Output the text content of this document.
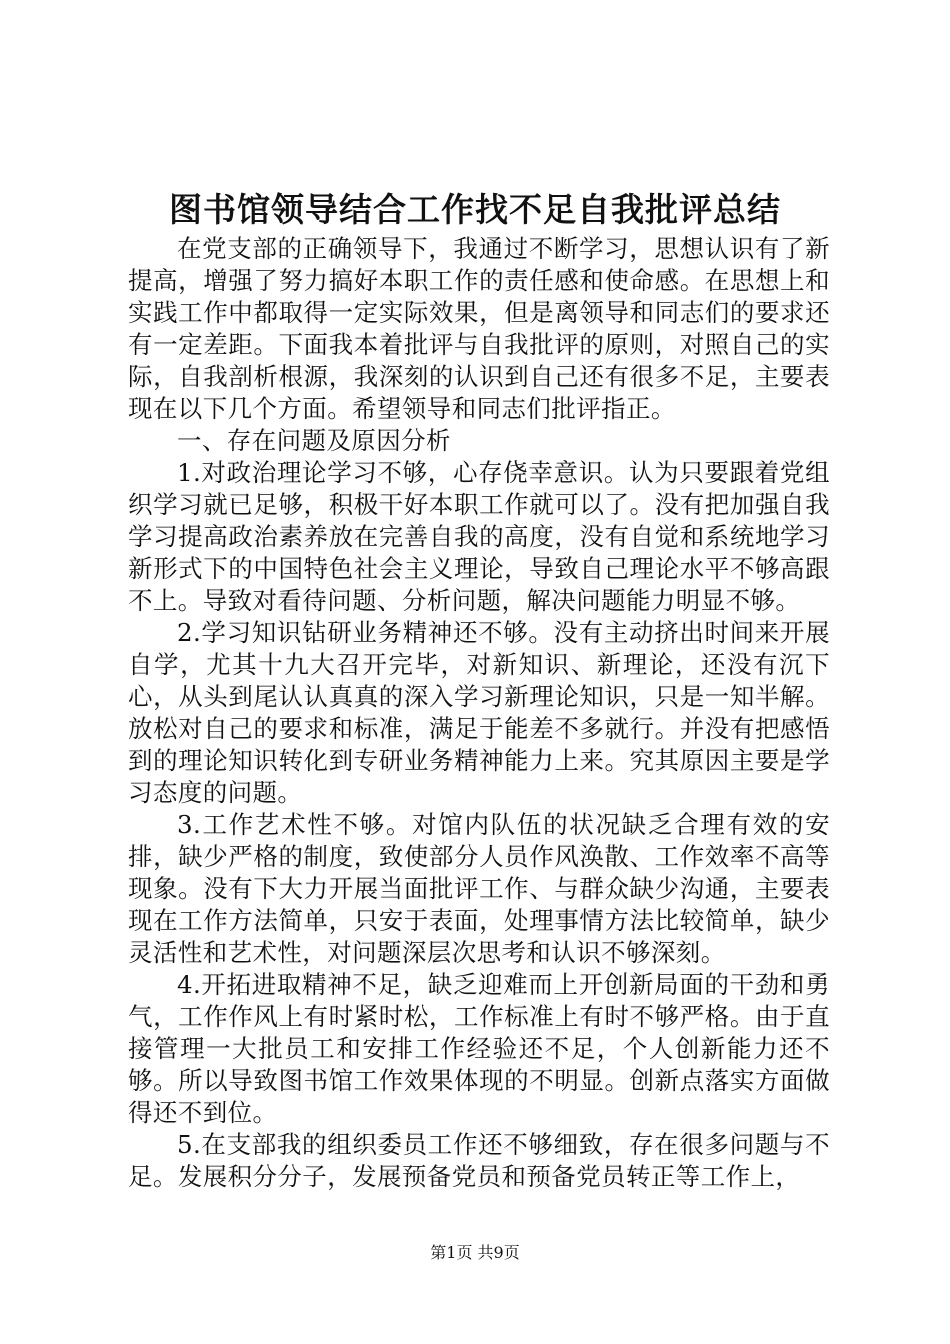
图书馆领导结合工作找不足自我批评总结

在党支部的正确领导下，我通过不断学习，思想认识有了新提高，增强了努力搞好本职工作的责任感和使命感。在思想上和实践工作中都取得一定实际效果，但是离领导和同志们的要求还有一定差距。下面我本着批评与自我批评的原则，对照自己的实际，自我剖析根源，我深刻的认识到自己还有很多不足，主要表现在以下几个方面。希望领导和同志们批评指正。

一、存在问题及原因分析

1.对政治理论学习不够，心存侥幸意识。认为只要跟着党组织学习就已足够，积极干好本职工作就可以了。没有把加强自我学习提高政治素养放在完善自我的高度，没有自觉和系统地学习新形式下的中国特色社会主义理论，导致自己理论水平不够高跟不上。导致对看待问题、分析问题，解决问题能力明显不够。

2.学习知识钻研业务精神还不够。没有主动挤出时间来开展自学，尤其十九大召开完毕，对新知识、新理论，还没有沉下心，从头到尾认认真真的深入学习新理论知识，只是一知半解。放松对自己的要求和标准，满足于能差不多就行。并没有把感悟到的理论知识转化到专研业务精神能力上来。究其原因主要是学习态度的问题。

3.工作艺术性不够。对馆内队伍的状况缺乏合理有效的安排，缺少严格的制度，致使部分人员作风涣散、工作效率不高等现象。没有下大力开展当面批评工作、与群众缺少沟通，主要表现在工作方法简单，只安于表面，处理事情方法比较简单，缺少灵活性和艺术性，对问题深层次思考和认识不够深刻。

4.开拓进取精神不足，缺乏迎难而上开创新局面的干劲和勇气，工作作风上有时紧时松，工作标准上有时不够严格。由于直接管理一大批员工和安排工作经验还不足，个人创新能力还不够。所以导致图书馆工作效果体现的不明显。创新点落实方面做得还不到位。

5.在支部我的组织委员工作还不够细致，存在很多问题与不足。发展积分分子，发展预备党员和预备党员转正等工作上，

第1页 共9页
